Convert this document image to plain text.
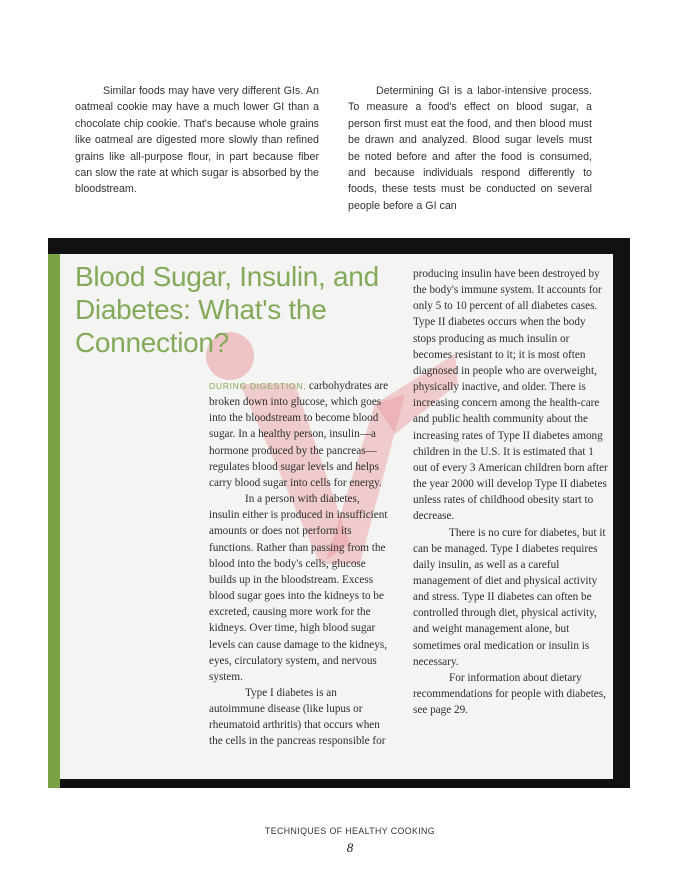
Similar foods may have very different GIs. An oatmeal cookie may have a much lower GI than a chocolate chip cookie. That's because whole grains like oatmeal are digested more slowly than refined grains like all-purpose flour, in part because fiber can slow the rate at which sugar is absorbed by the bloodstream.

Determining GI is a labor-intensive process. To measure a food's effect on blood sugar, a person first must eat the food, and then blood must be drawn and analyzed. Blood sugar levels must be noted before and after the food is consumed, and because individuals respond differently to foods, these tests must be conducted on several people before a GI can

Blood Sugar, Insulin, and Diabetes: What's the Connection?

DURING DIGESTION, carbohydrates are broken down into glucose, which goes into the bloodstream to become blood sugar. In a healthy person, insulin—a hormone produced by the pancreas—regulates blood sugar levels and helps carry blood sugar into cells for energy.

In a person with diabetes, insulin either is produced in insufficient amounts or does not perform its functions. Rather than passing from the blood into the body's cells, glucose builds up in the bloodstream. Excess blood sugar goes into the kidneys to be excreted, causing more work for the kidneys. Over time, high blood sugar levels can cause damage to the kidneys, eyes, circulatory system, and nervous system.

Type I diabetes is an autoimmune disease (like lupus or rheumatoid arthritis) that occurs when the cells in the pancreas responsible for

producing insulin have been destroyed by the body's immune system. It accounts for only 5 to 10 percent of all diabetes cases. Type II diabetes occurs when the body stops producing as much insulin or becomes resistant to it; it is most often diagnosed in people who are overweight, physically inactive, and older. There is increasing concern among the health-care and public health community about the increasing rates of Type II diabetes among children in the U.S. It is estimated that 1 out of every 3 American children born after the year 2000 will develop Type II diabetes unless rates of childhood obesity start to decrease.

There is no cure for diabetes, but it can be managed. Type I diabetes requires daily insulin, as well as a careful management of diet and physical activity and stress. Type II diabetes can often be controlled through diet, physical activity, and weight management alone, but sometimes oral medication or insulin is necessary.

For information about dietary recommendations for people with diabetes, see page 29.

TECHNIQUES OF HEALTHY COOKING
8
